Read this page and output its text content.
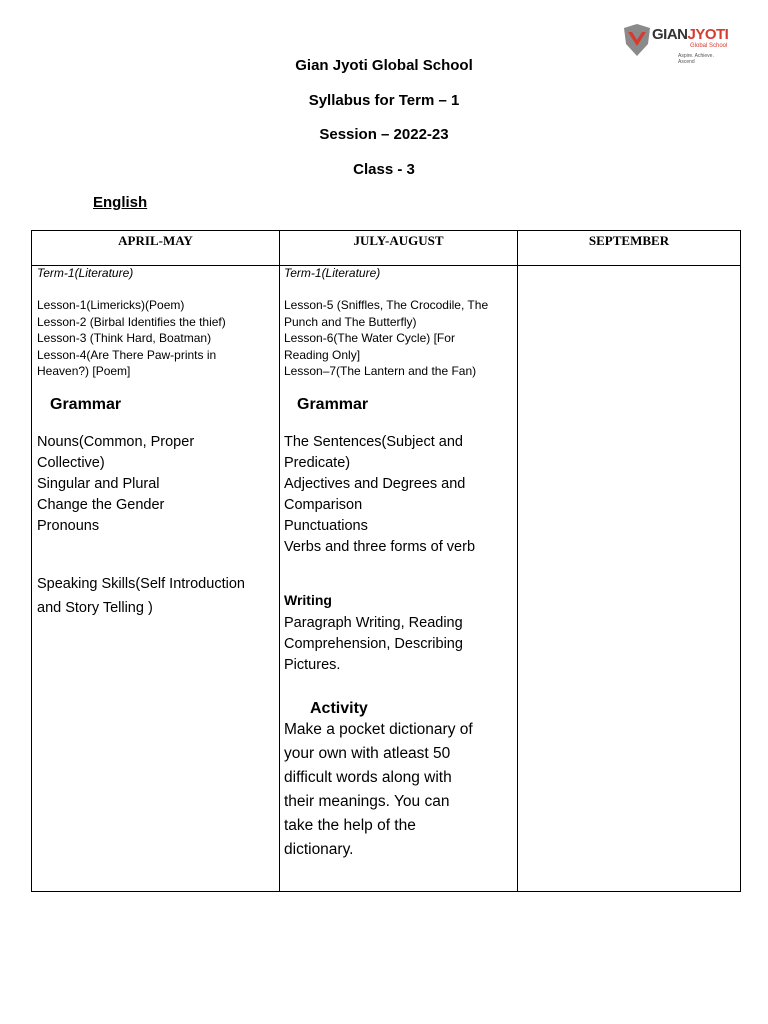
GIANJYOTI
Global School
Aspire. Achieve. Ascend
Gian Jyoti Global School
Syllabus for Term – 1
Session – 2022-23
Class - 3
English
APRIL-MAY	JULY-AUGUST	SEPTEMBER
Term-1(Literature)
Lesson-1(Limericks)(Poem)
Lesson-2 (Birbal Identifies the thief)
Lesson-3 (Think Hard, Boatman)
Lesson-4(Are There Paw-prints in
Heaven?) [Poem]
Grammar
Nouns(Common, Proper
Collective)
Singular and Plural
Change the Gender
Pronouns
Speaking Skills(Self Introduction
and Story Telling )
Term-1(Literature)
Lesson-5 (Sniffles, The Crocodile, The
Punch and The Butterfly)
Lesson-6(The Water Cycle) [For
Reading Only]
Lesson–7(The Lantern and the Fan)
Grammar
The Sentences(Subject and
Predicate)
Adjectives and Degrees and
Comparison
Punctuations
Verbs and three forms of verb
Writing
Paragraph Writing, Reading
Comprehension, Describing
Pictures.
Activity
Make a pocket dictionary of
your own with atleast 50
difficult words along with
their meanings. You can
take the help of the
dictionary.
